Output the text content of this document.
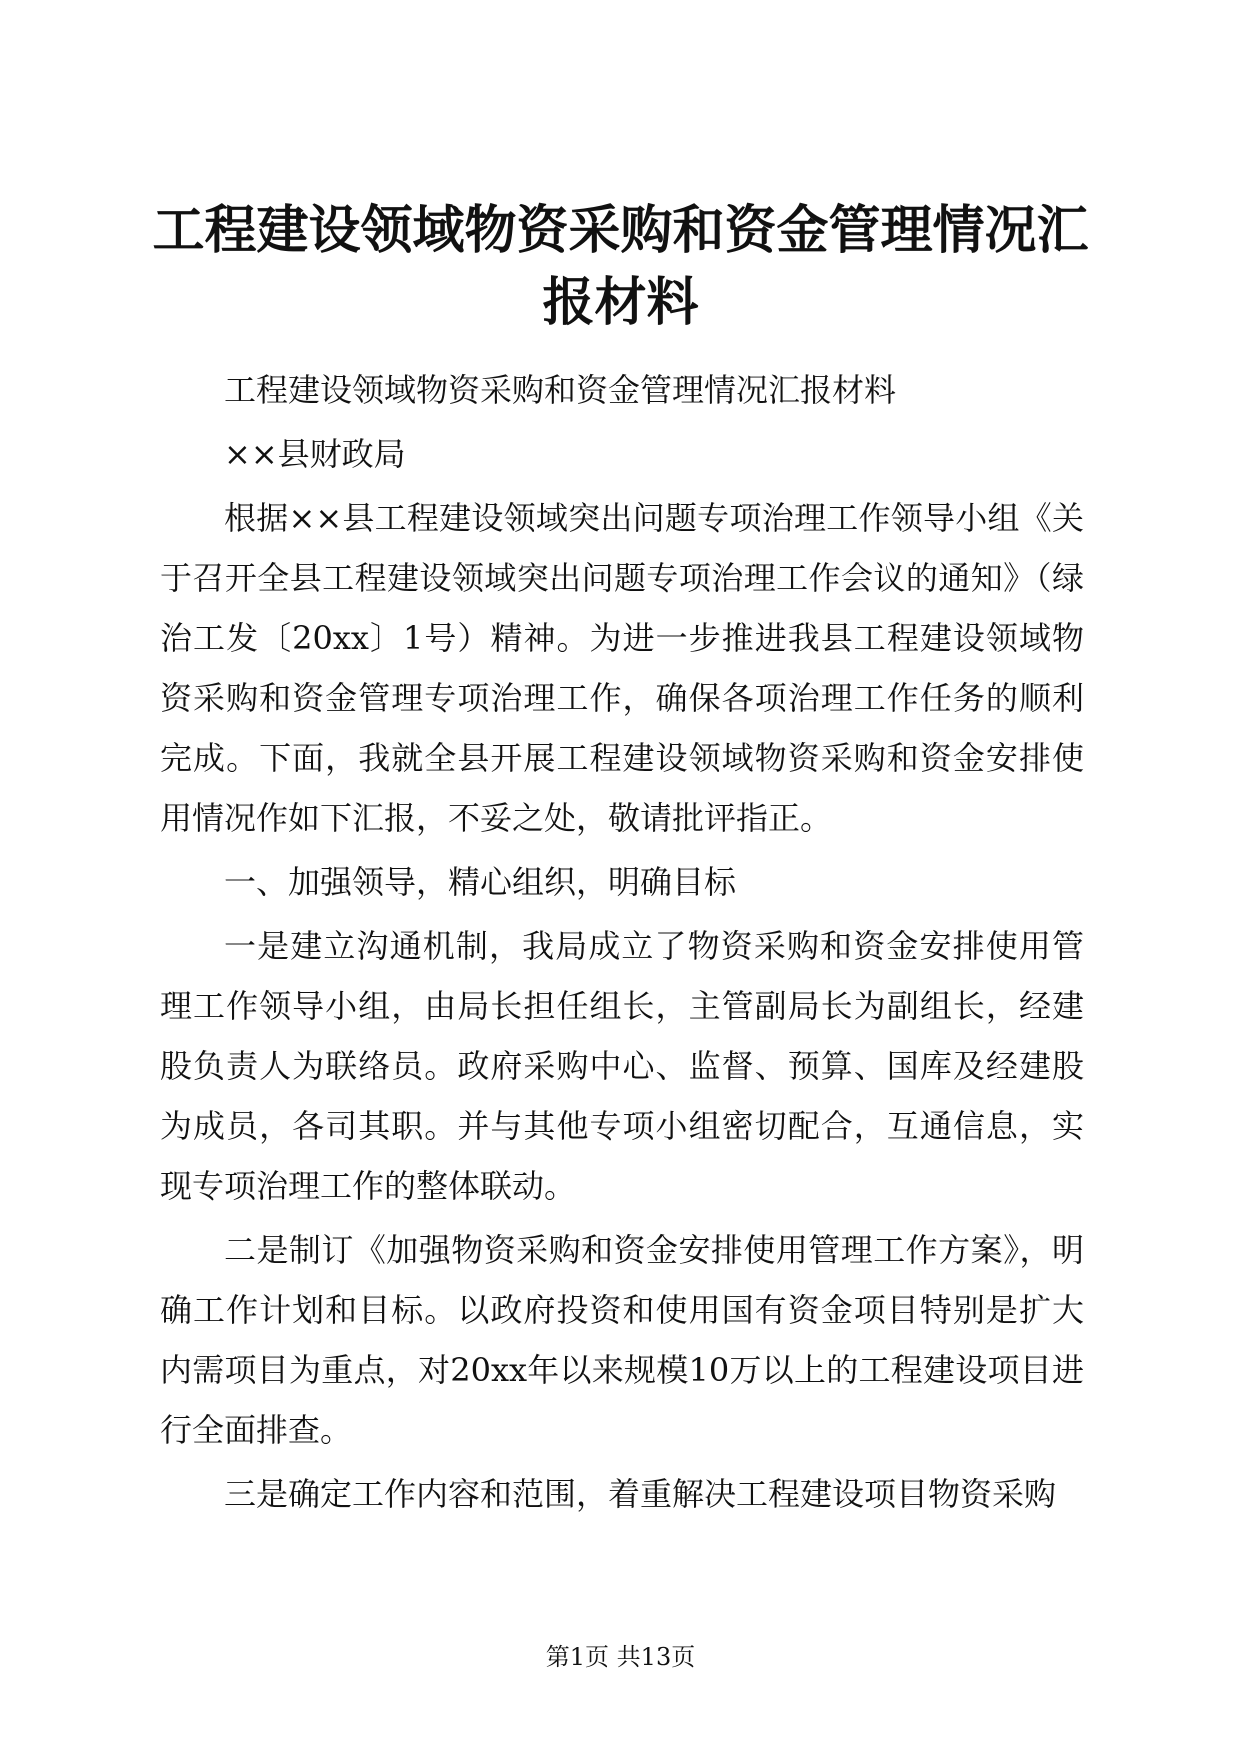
工程建设领域物资采购和资金管理情况汇报材料

工程建设领域物资采购和资金管理情况汇报材料

××县财政局

根据××县工程建设领域突出问题专项治理工作领导小组《关于召开全县工程建设领域突出问题专项治理工作会议的通知》（绿治工发〔20xx〕1号）精神。为进一步推进我县工程建设领域物资采购和资金管理专项治理工作，确保各项治理工作任务的顺利完成。下面，我就全县开展工程建设领域物资采购和资金安排使用情况作如下汇报，不妥之处，敬请批评指正。

一、加强领导，精心组织，明确目标

一是建立沟通机制，我局成立了物资采购和资金安排使用管理工作领导小组，由局长担任组长，主管副局长为副组长，经建股负责人为联络员。政府采购中心、监督、预算、国库及经建股为成员，各司其职。并与其他专项小组密切配合，互通信息，实现专项治理工作的整体联动。

二是制订《加强物资采购和资金安排使用管理工作方案》，明确工作计划和目标。以政府投资和使用国有资金项目特别是扩大内需项目为重点，对20xx年以来规模10万以上的工程建设项目进行全面排查。

三是确定工作内容和范围，着重解决工程建设项目物资采购

第1页 共13页
